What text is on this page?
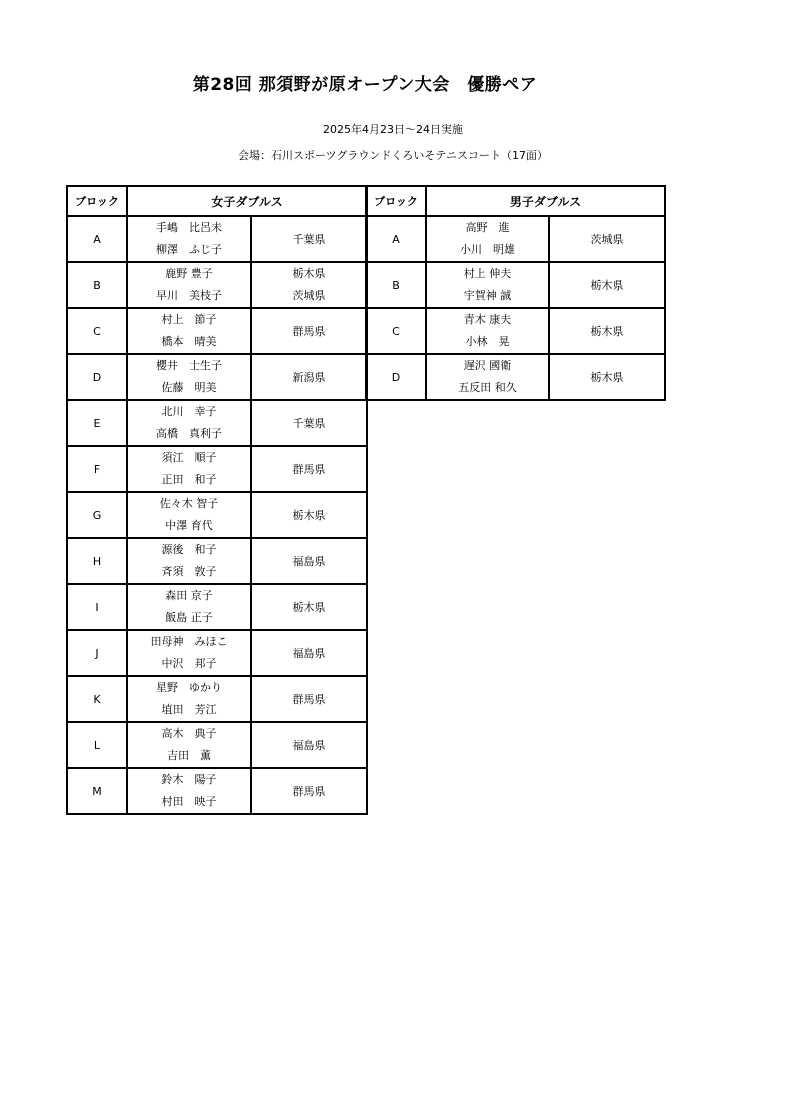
第28回 那須野が原オープン大会　優勝ペア
2025年4月23日～24日実施
会場：石川スポーツグラウンドくろいそテニスコート（17面）
ブロック	女子ダブルス	
A	手嶋　比呂未
柳澤　ふじ子	千葉県
B	鹿野 豊子
早川　美枝子	栃木県
茨城県

C	村上　節子
橋本　晴美	群馬県
D	櫻井　士生子
佐藤　明美	新潟県
E	北川　幸子
高橋　真利子	千葉県
F	須江　順子
正田　和子	群馬県
G	佐々木 智子
中澤 育代	栃木県
H	源後　和子
斉須　敦子	福島県
I	森田 京子
飯島 正子	栃木県
J	田母神　みほこ
中沢　邦子	福島県
K	星野　ゆかり
埴田　芳江	群馬県
L	高木　典子
吉田　薫	福島県
M	鈴木　陽子
村田　映子	群馬県
ブロック	男子ダブルス	
A	高野　進
小川　明雄	茨城県
B	村上 伸夫
宇賀神 誠	栃木県
C	青木 康夫
小林　晃	栃木県
D	遅沢 國衛
五反田 和久	栃木県
